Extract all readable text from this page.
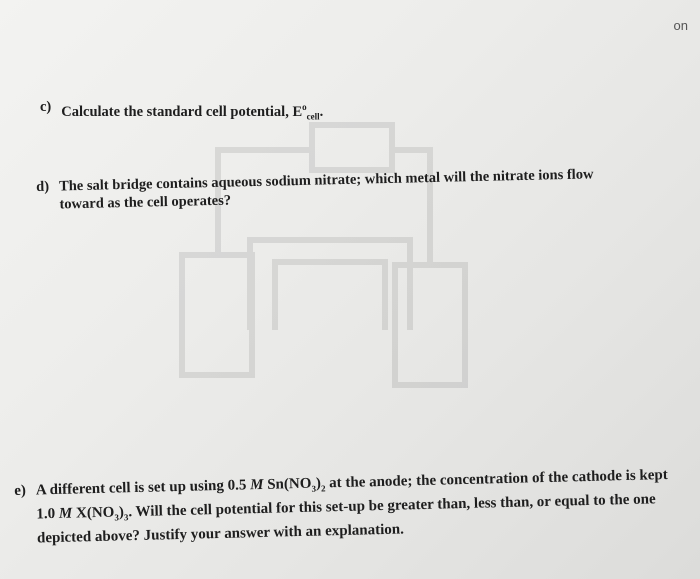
on
c) Calculate the standard cell potential, $E^o_{cell}$.
d) The salt bridge contains aqueous sodium nitrate; which metal will the nitrate ions flow toward as the cell operates?
e) A different cell is set up using 0.5 M $Sn(NO_3)_2$ at the anode; the concentration of the cathode is kept 1.0 M $X(NO_3)_3$. Will the cell potential for this set-up be greater than, less than, or equal to the one depicted above? Justify your answer with an explanation.
